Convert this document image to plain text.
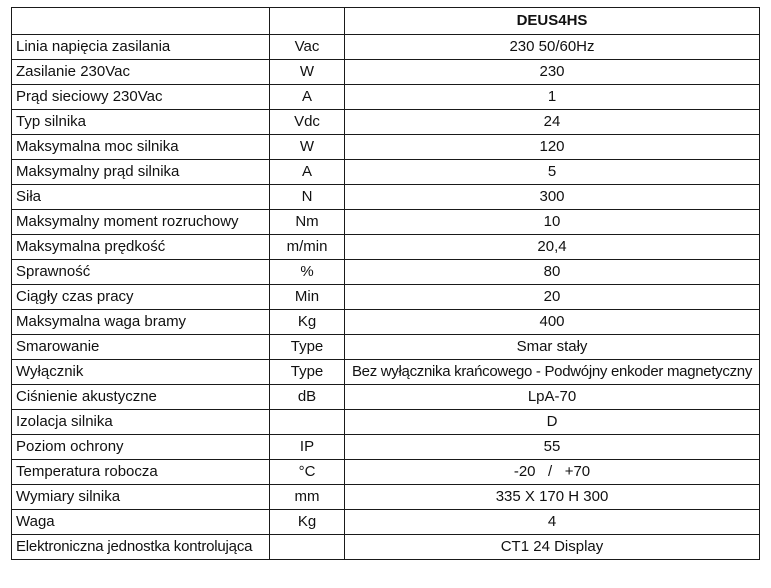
		DEUS4HS
Linia napięcia zasilania	Vac	230 50/60Hz
Zasilanie 230Vac	W	230
Prąd sieciowy 230Vac	A	1
Typ silnika	Vdc	24
Maksymalna moc silnika	W	120
Maksymalny prąd silnika	A	5
Siła	N	300
Maksymalny moment rozruchowy	Nm	10
Maksymalna prędkość	m/min	20,4
Sprawność	%	80
Ciągły czas pracy	Min	20
Maksymalna waga bramy	Kg	400
Smarowanie	Type	Smar stały
Wyłącznik	Type	Bez wyłącznika krańcowego - Podwójny enkoder magnetyczny
Ciśnienie akustyczne	dB	LpA-70
Izolacja silnika		D
Poziom ochrony	IP	55
Temperatura robocza	°C	-20   /   +70
Wymiary silnika	mm	335 X 170 H 300
Waga	Kg	4
Elektroniczna jednostka kontrolująca		CT1 24 Display
